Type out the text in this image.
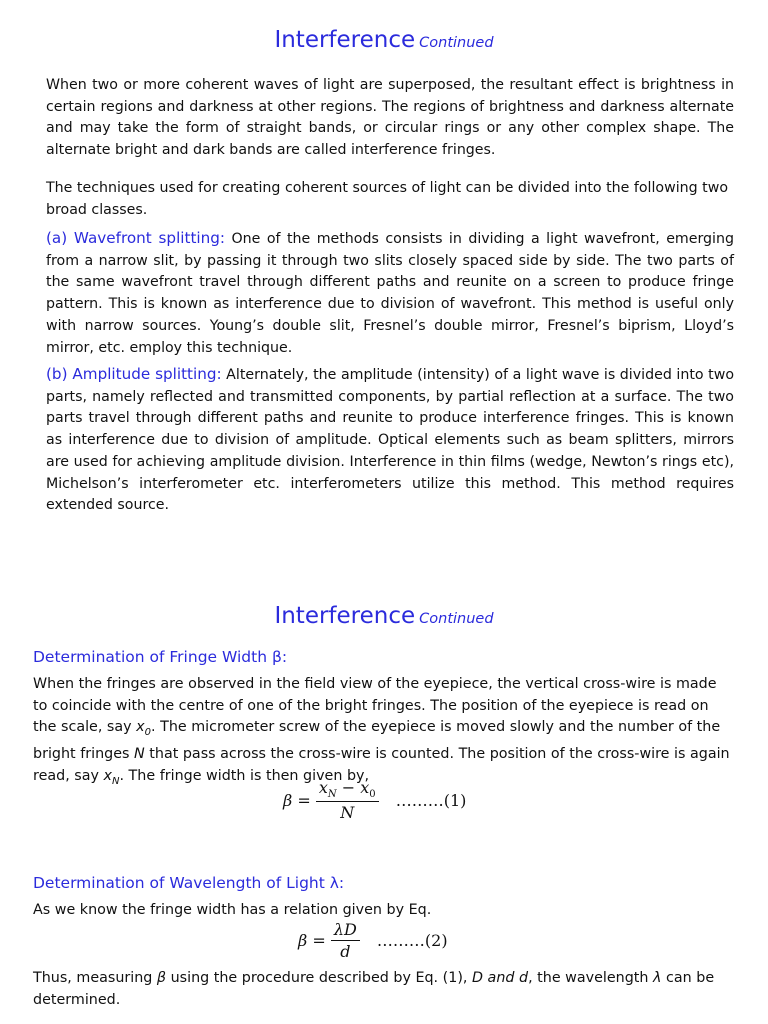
Interference Continued

When two or more coherent waves of light are superposed, the resultant effect is brightness in certain regions and darkness at other regions. The regions of brightness and darkness alternate and may take the form of straight bands, or circular rings or any other complex shape. The alternate bright and dark bands are called interference fringes.

The techniques used for creating coherent sources of light can be divided into the following two broad classes.

(a) Wavefront splitting: One of the methods consists in dividing a light wavefront, emerging from a narrow slit, by passing it through two slits closely spaced side by side. The two parts of the same wavefront travel through different paths and reunite on a screen to produce fringe pattern. This is known as interference due to division of wavefront. This method is useful only with narrow sources. Young’s double slit, Fresnel’s double mirror, Fresnel’s biprism, Lloyd’s mirror, etc. employ this technique.

(b) Amplitude splitting: Alternately, the amplitude (intensity) of a light wave is divided into two parts, namely reflected and transmitted components, by partial reflection at a surface. The two parts travel through different paths and reunite to produce interference fringes. This is known as interference due to division of amplitude. Optical elements such as beam splitters, mirrors are used for achieving amplitude division. Interference in thin films (wedge, Newton’s rings etc), Michelson’s interferometer etc. interferometers utilize this method. This method requires extended source.

Interference Continued

Determination of Fringe Width β:

When the fringes are observed in the field view of the eyepiece, the vertical cross-wire is made to coincide with the centre of one of the bright fringes. The position of the eyepiece is read on the scale, say $x_0$. The micrometer screw of the eyepiece is moved slowly and the number of the bright fringes N that pass across the cross-wire is counted. The position of the cross-wire is again read, say $x_N$. The fringe width is then given by,

$\beta = \frac{x_N - x_0}{N}$ ………(1)

Determination of Wavelength of Light λ:

As we know the fringe width has a relation given by Eq.

$\beta = \frac{\lambda D}{d}$ ………(2)

Thus, measuring β using the procedure described by Eq. (1), D and d, the wavelength λ can be determined.
